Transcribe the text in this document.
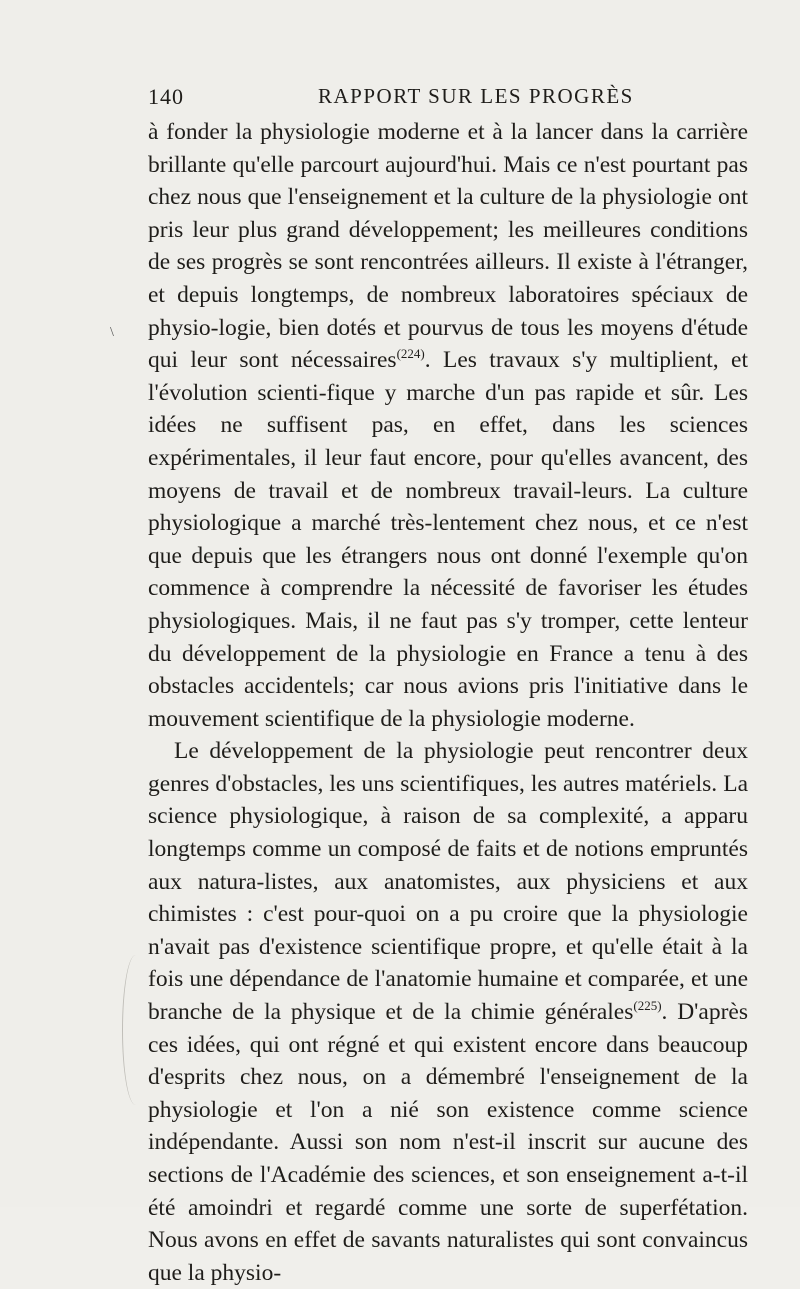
140	RAPPORT SUR LES PROGRÈS
\

à fonder la physiologie moderne et à la lancer dans la carrière brillante qu'elle parcourt aujourd'hui. Mais ce n'est pourtant pas chez nous que l'enseignement et la culture de la physiologie ont pris leur plus grand développement; les meilleures conditions de ses progrès se sont rencontrées ailleurs. Il existe à l'étranger, et depuis longtemps, de nombreux laboratoires spéciaux de physio-logie, bien dotés et pourvus de tous les moyens d'étude qui leur sont nécessaires$^{(224)}$. Les travaux s'y multiplient, et l'évolution scienti-fique y marche d'un pas rapide et sûr. Les idées ne suffisent pas, en effet, dans les sciences expérimentales, il leur faut encore, pour qu'elles avancent, des moyens de travail et de nombreux travail-leurs. La culture physiologique a marché très-lentement chez nous, et ce n'est que depuis que les étrangers nous ont donné l'exemple qu'on commence à comprendre la nécessité de favoriser les études physiologiques. Mais, il ne faut pas s'y tromper, cette lenteur du développement de la physiologie en France a tenu à des obstacles accidentels; car nous avions pris l'initiative dans le mouvement scientifique de la physiologie moderne.

Le développement de la physiologie peut rencontrer deux genres d'obstacles, les uns scientifiques, les autres matériels. La science physiologique, à raison de sa complexité, a apparu longtemps comme un composé de faits et de notions empruntés aux natura-listes, aux anatomistes, aux physiciens et aux chimistes : c'est pour-quoi on a pu croire que la physiologie n'avait pas d'existence scientifique propre, et qu'elle était à la fois une dépendance de l'anatomie humaine et comparée, et une branche de la physique et de la chimie générales$^{(225)}$. D'après ces idées, qui ont régné et qui existent encore dans beaucoup d'esprits chez nous, on a démembré l'enseignement de la physiologie et l'on a nié son existence comme science indépendante. Aussi son nom n'est-il inscrit sur aucune des sections de l'Académie des sciences, et son enseignement a-t-il été amoindri et regardé comme une sorte de superfétation. Nous avons en effet de savants naturalistes qui sont convaincus que la physio-
